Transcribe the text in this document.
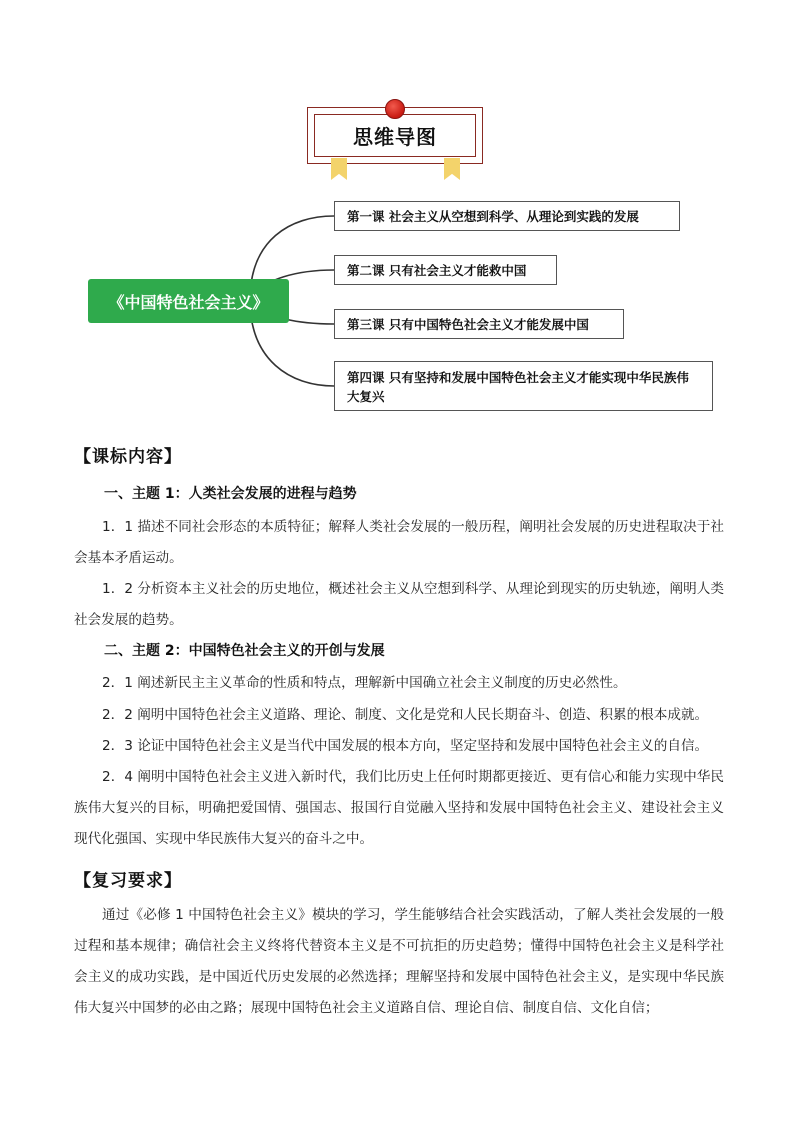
思维导图
《中国特色社会主义》
第一课 社会主义从空想到科学、从理论到实践的发展
第二课 只有社会主义才能救中国
第三课 只有中国特色社会主义才能发展中国
第四课 只有坚持和发展中国特色社会主义才能实现中华民族伟大复兴
【课标内容】
一、主题 1：人类社会发展的进程与趋势

1．1 描述不同社会形态的本质特征；解释人类社会发展的一般历程，阐明社会发展的历史进程取决于社会基本矛盾运动。

1．2 分析资本主义社会的历史地位，概述社会主义从空想到科学、从理论到现实的历史轨迹，阐明人类社会发展的趋势。

二、主题 2：中国特色社会主义的开创与发展

2．1 阐述新民主主义革命的性质和特点，理解新中国确立社会主义制度的历史必然性。

2．2 阐明中国特色社会主义道路、理论、制度、文化是党和人民长期奋斗、创造、积累的根本成就。

2．3 论证中国特色社会主义是当代中国发展的根本方向，坚定坚持和发展中国特色社会主义的自信。

2．4 阐明中国特色社会主义进入新时代，我们比历史上任何时期都更接近、更有信心和能力实现中华民族伟大复兴的目标，明确把爱国情、强国志、报国行自觉融入坚持和发展中国特色社会主义、建设社会主义现代化强国、实现中华民族伟大复兴的奋斗之中。

【复习要求】

通过《必修 1 中国特色社会主义》模块的学习，学生能够结合社会实践活动，了解人类社会发展的一般过程和基本规律；确信社会主义终将代替资本主义是不可抗拒的历史趋势；懂得中国特色社会主义是科学社会主义的成功实践，是中国近代历史发展的必然选择；理解坚持和发展中国特色社会主义，是实现中华民族伟大复兴中国梦的必由之路；展现中国特色社会主义道路自信、理论自信、制度自信、文化自信；
